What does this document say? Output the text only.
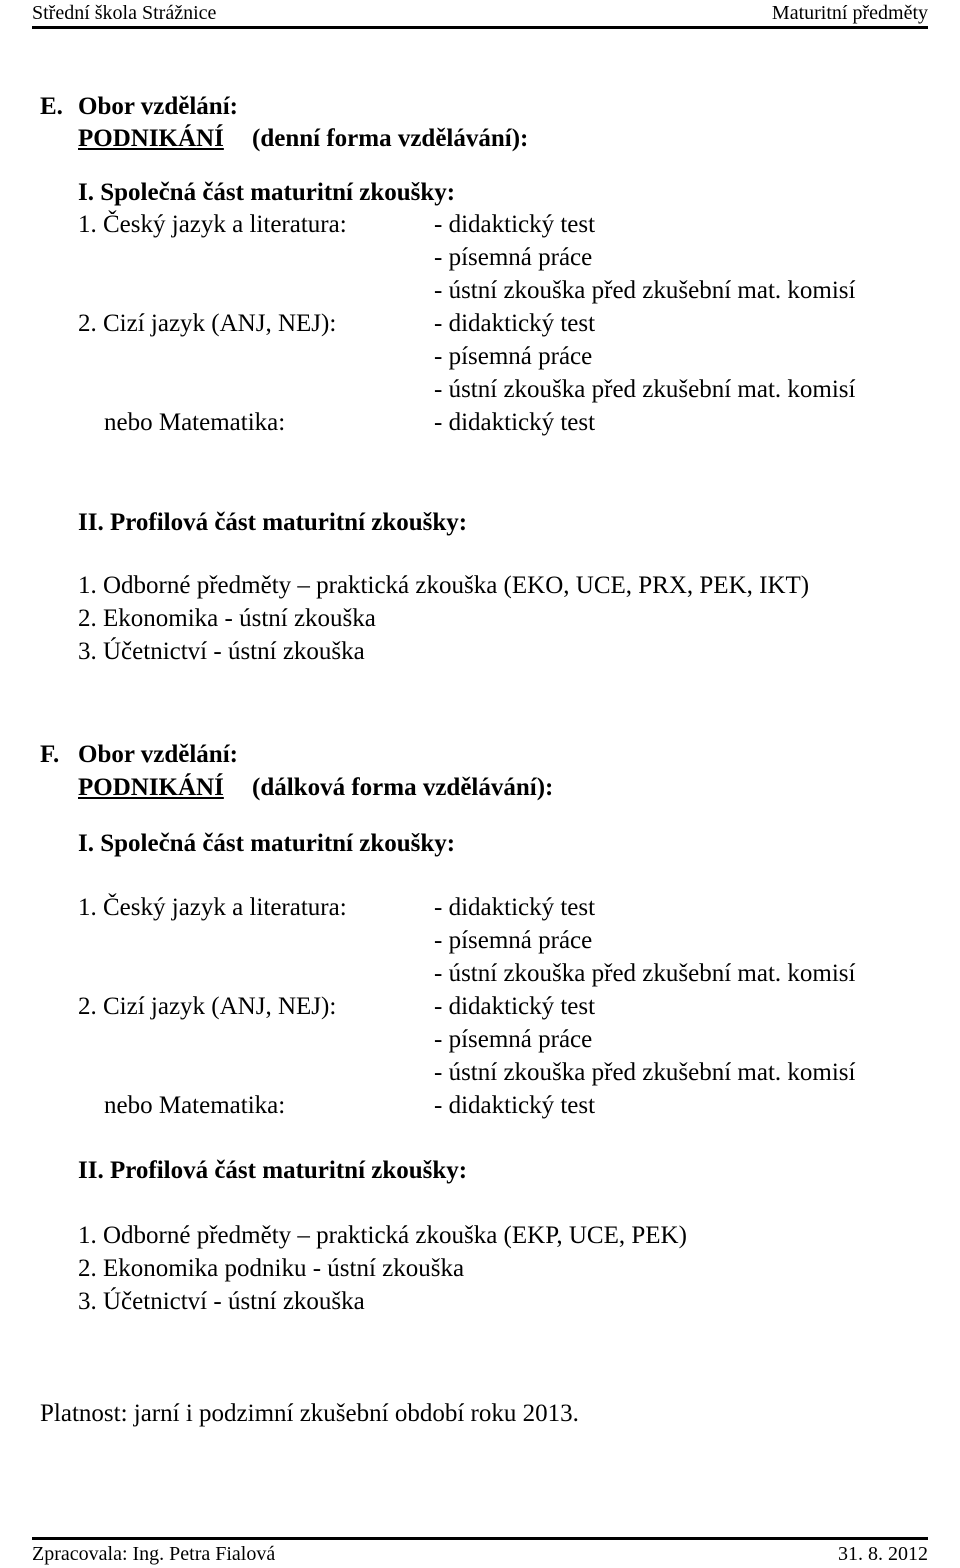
Střední škola Strážnice	Maturitní předměty
E. Obor vzdělání:
PODNIKÁNÍ (denní forma vzdělávání):
I. Společná část maturitní zkoušky:
1. Český jazyk a literatura:	- didaktický test
- písemná práce
- ústní zkouška před zkušební mat. komisí
2. Cizí jazyk (ANJ, NEJ):	- didaktický test
- písemná práce
- ústní zkouška před zkušební mat. komisí
nebo Matematika:	- didaktický test
II. Profilová část maturitní zkoušky:
1. Odborné předměty – praktická zkouška (EKO, UCE, PRX, PEK, IKT)
2. Ekonomika - ústní zkouška
3. Účetnictví - ústní zkouška
F. Obor vzdělání:
PODNIKÁNÍ (dálková forma vzdělávání):
I. Společná část maturitní zkoušky:
1. Český jazyk a literatura:	- didaktický test
- písemná práce
- ústní zkouška před zkušební mat. komisí
2. Cizí jazyk (ANJ, NEJ):	- didaktický test
- písemná práce
- ústní zkouška před zkušební mat. komisí
nebo Matematika:	- didaktický test
II. Profilová část maturitní zkoušky:
1. Odborné předměty – praktická zkouška (EKP, UCE, PEK)
2. Ekonomika podniku - ústní zkouška
3. Účetnictví - ústní zkouška
Platnost: jarní i podzimní zkušební období roku 2013.
Zpracovala: Ing. Petra Fialová	31. 8. 2012
